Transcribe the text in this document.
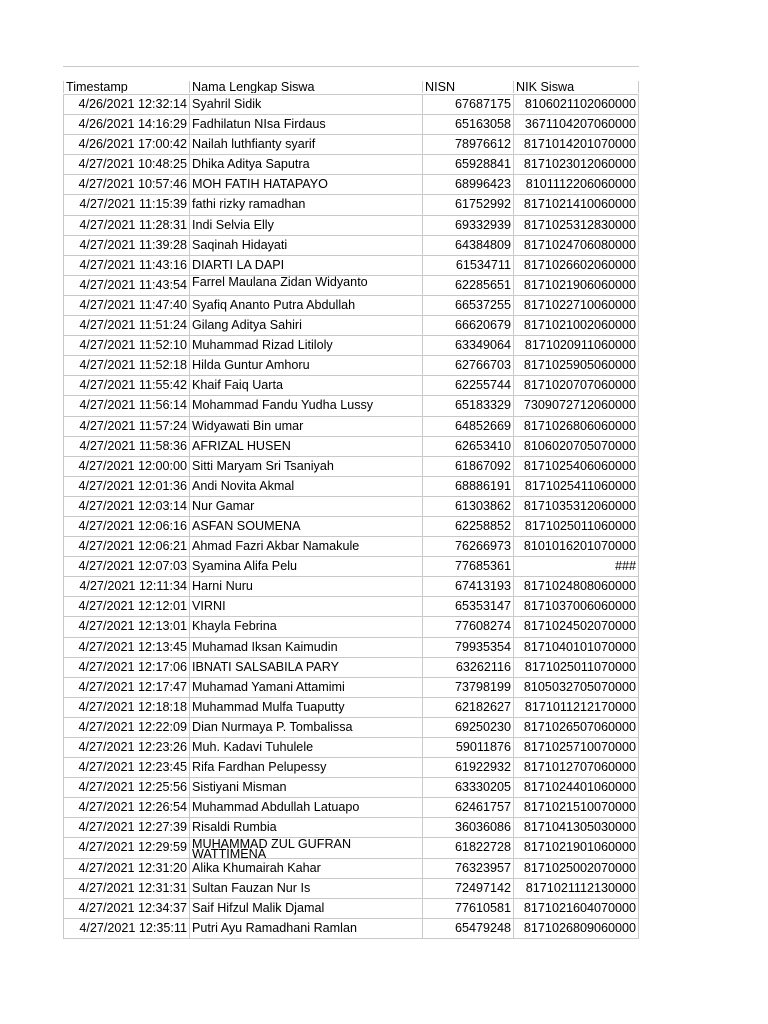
Timestamp	Nama Lengkap Siswa	NISN	NIK Siswa
4/26/2021 12:32:14 Syahril Sidik	67687175	8106021102060000
4/26/2021 14:16:29 Fadhilatun NIsa Firdaus	65163058	3671104207060000
4/26/2021 17:00:42 Nailah luthfianty syarif	78976612	8171014201070000
4/27/2021 10:48:25 Dhika Aditya Saputra	65928841	8171023012060000
4/27/2021 10:57:46 MOH FATIH HATAPAYO	68996423	8101112206060000
4/27/2021 11:15:39 fathi rizky ramadhan	61752992	8171021410060000
4/27/2021 11:28:31 Indi Selvia Elly	69332939	8171025312830000
4/27/2021 11:39:28 Saqinah Hidayati	64384809	8171024706080000
4/27/2021 11:43:16 DIARTI LA DAPI	61534711	8171026602060000
4/27/2021 11:43:54 Farrel Maulana Zidan Widyanto	62285651	8171021906060000
4/27/2021 11:47:40 Syafiq Ananto Putra Abdullah	66537255	8171022710060000
4/27/2021 11:51:24 Gilang Aditya Sahiri	66620679	8171021002060000
4/27/2021 11:52:10 Muhammad Rizad Litiloly	63349064	8171020911060000
4/27/2021 11:52:18 Hilda Guntur Amhoru	62766703	8171025905060000
4/27/2021 11:55:42 Khaif Faiq Uarta	62255744	8171020707060000
4/27/2021 11:56:14 Mohammad Fandu Yudha Lussy	65183329	7309072712060000
4/27/2021 11:57:24 Widyawati Bin umar	64852669	8171026806060000
4/27/2021 11:58:36 AFRIZAL HUSEN	62653410	8106020705070000
4/27/2021 12:00:00 Sitti Maryam Sri Tsaniyah	61867092	8171025406060000
4/27/2021 12:01:36 Andi Novita Akmal	68886191	8171025411060000
4/27/2021 12:03:14 Nur Gamar	61303862	8171035312060000
4/27/2021 12:06:16 ASFAN SOUMENA	62258852	8171025011060000
4/27/2021 12:06:21 Ahmad Fazri Akbar Namakule	76266973	8101016201070000
4/27/2021 12:07:03 Syamina Alifa Pelu	77685361	###
4/27/2021 12:11:34 Harni Nuru	67413193	8171024808060000
4/27/2021 12:12:01 VIRNI	65353147	8171037006060000
4/27/2021 12:13:01 Khayla Febrina	77608274	8171024502070000
4/27/2021 12:13:45 Muhamad Iksan Kaimudin	79935354	8171040101070000
4/27/2021 12:17:06 IBNATI SALSABILA PARY	63262116	8171025011070000
4/27/2021 12:17:47 Muhamad Yamani Attamimi	73798199	8105032705070000
4/27/2021 12:18:18 Muhammad Mulfa Tuaputty	62182627	8171011212170000
4/27/2021 12:22:09 Dian Nurmaya P. Tombalissa	69250230	8171026507060000
4/27/2021 12:23:26 Muh. Kadavi Tuhulele	59011876	8171025710070000
4/27/2021 12:23:45 Rifa Fardhan Pelupessy	61922932	8171012707060000
4/27/2021 12:25:56 Sistiyani Misman	63330205	8171024401060000
4/27/2021 12:26:54 Muhammad Abdullah Latuapo	62461757	8171021510070000
4/27/2021 12:27:39 Risaldi Rumbia	36036086	8171041305030000
4/27/2021 12:29:59 MUHAMMAD ZUL GUFRAN WATTIMENA	61822728	8171021901060000
4/27/2021 12:31:20 Alika Khumairah Kahar	76323957	8171025002070000
4/27/2021 12:31:31 Sultan Fauzan Nur Is	72497142	8171021112130000
4/27/2021 12:34:37 Saif Hifzul Malik Djamal	77610581	8171021604070000
4/27/2021 12:35:11 Putri Ayu Ramadhani Ramlan	65479248	8171026809060000
